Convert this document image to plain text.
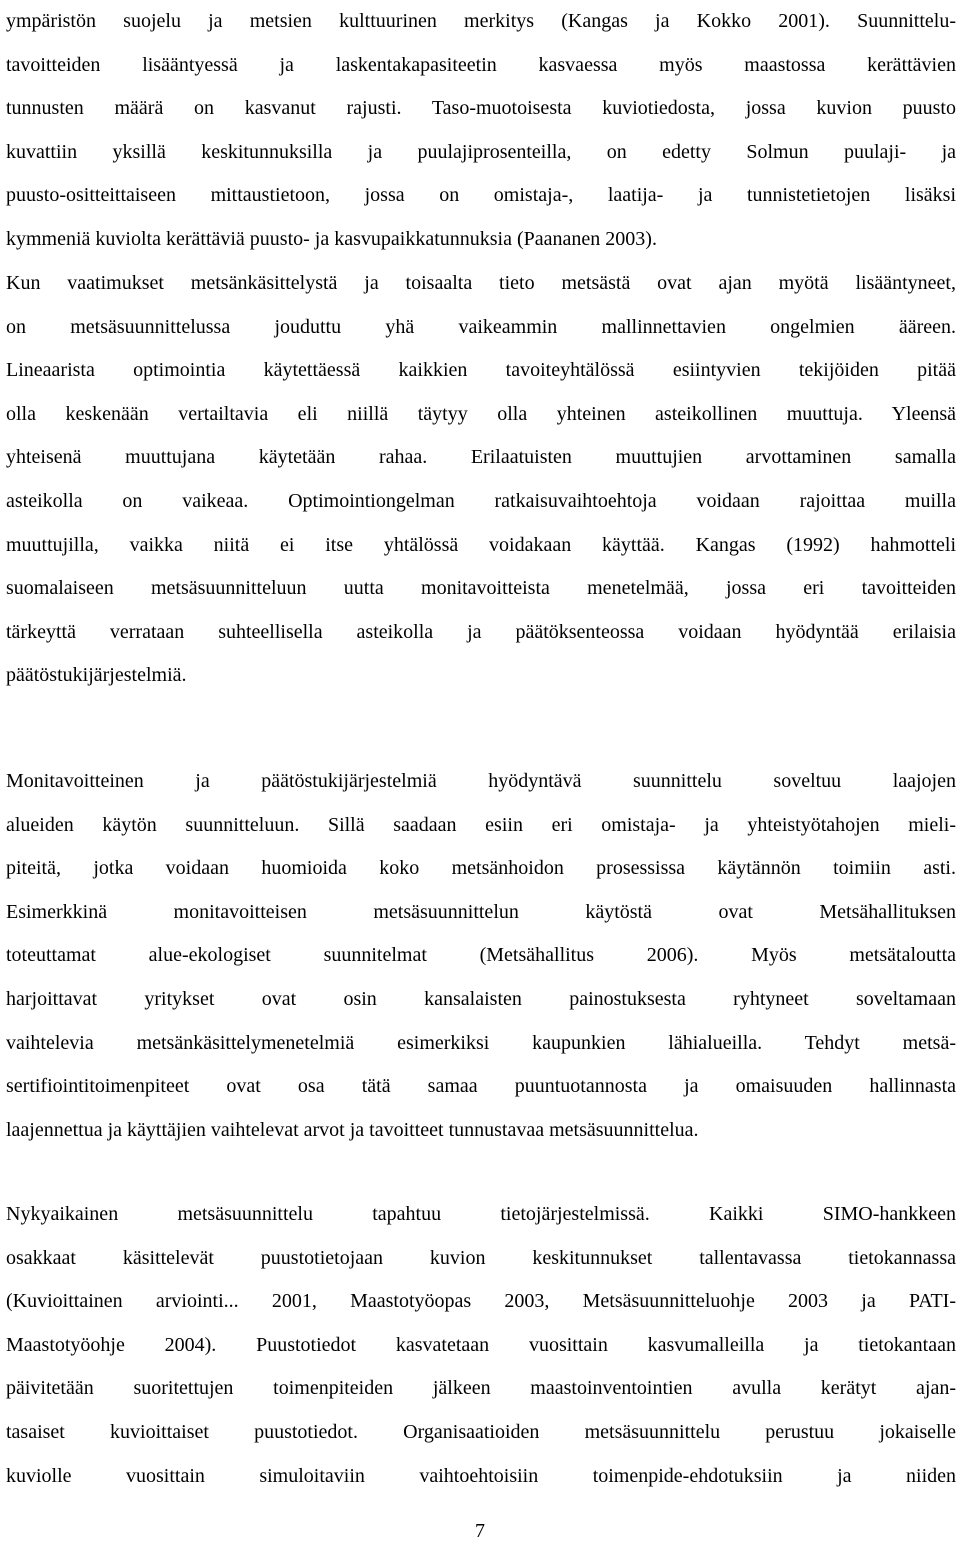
ympäristön suojelu ja metsien kulttuurinen merkitys (Kangas ja Kokko 2001). Suunnittelu-
tavoitteiden lisääntyessä ja laskentakapasiteetin kasvaessa myös maastossa kerättävien
tunnusten määrä on kasvanut rajusti. Taso-muotoisesta kuviotiedosta, jossa kuvion puusto
kuvattiin yksillä keskitunnuksilla ja puulajiprosenteilla, on edetty Solmun puulaji- ja
puusto-ositteittaiseen mittaustietoon, jossa on omistaja-, laatija- ja tunnistetietojen lisäksi
kymmeniä kuviolta kerättäviä puusto- ja kasvupaikkatunnuksia (Paananen 2003).
Kun vaatimukset metsänkäsittelystä ja toisaalta tieto metsästä ovat ajan myötä lisääntyneet,
on metsäsuunnittelussa jouduttu yhä vaikeammin mallinnettavien ongelmien ääreen.
Lineaarista optimointia käytettäessä kaikkien tavoiteyhtälössä esiintyvien tekijöiden pitää
olla keskenään vertailtavia eli niillä täytyy olla yhteinen asteikollinen muuttuja. Yleensä
yhteisenä muuttujana käytetään rahaa. Erilaatuisten muuttujien arvottaminen samalla
asteikolla on vaikeaa. Optimointiongelman ratkaisuvaihtoehtoja voidaan rajoittaa muilla
muuttujilla, vaikka niitä ei itse yhtälössä voidakaan käyttää. Kangas (1992) hahmotteli
suomalaiseen metsäsuunnitteluun uutta monitavoitteista menetelmää, jossa eri tavoitteiden
tärkeyttä verrataan suhteellisella asteikolla ja päätöksenteossa voidaan hyödyntää erilaisia
päätöstukijärjestelmiä.
Monitavoitteinen ja päätöstukijärjestelmiä hyödyntävä suunnittelu soveltuu laajojen
alueiden käytön suunnitteluun. Sillä saadaan esiin eri omistaja- ja yhteistyötahojen mieli-
piteitä, jotka voidaan huomioida koko metsänhoidon prosessissa käytännön toimiin asti.
Esimerkkinä monitavoitteisen metsäsuunnittelun käytöstä ovat Metsähallituksen
toteuttamat alue-ekologiset suunnitelmat (Metsähallitus 2006). Myös metsätaloutta
harjoittavat yritykset ovat osin kansalaisten painostuksesta ryhtyneet soveltamaan
vaihtelevia metsänkäsittelymenetelmiä esimerkiksi kaupunkien lähialueilla. Tehdyt metsä-
sertifiointitoimenpiteet ovat osa tätä samaa puuntuotannosta ja omaisuuden hallinnasta
laajennettua ja käyttäjien vaihtelevat arvot ja tavoitteet tunnustavaa metsäsuunnittelua.
Nykyaikainen metsäsuunnittelu tapahtuu tietojärjestelmissä. Kaikki SIMO-hankkeen
osakkaat käsittelevät puustotietojaan kuvion keskitunnukset tallentavassa tietokannassa
(Kuvioittainen arviointi... 2001, Maastotyöopas 2003, Metsäsuunnitteluohje 2003 ja PATI-
Maastotyöohje 2004). Puustotiedot kasvatetaan vuosittain kasvumalleilla ja tietokantaan
päivitetään suoritettujen toimenpiteiden jälkeen maastoinventointien avulla kerätyt ajan-
tasaiset kuvioittaiset puustotiedot. Organisaatioiden metsäsuunnittelu perustuu jokaiselle
kuviolle vuosittain simuloitaviin vaihtoehtoisiin toimenpide-ehdotuksiin ja niiden
7
